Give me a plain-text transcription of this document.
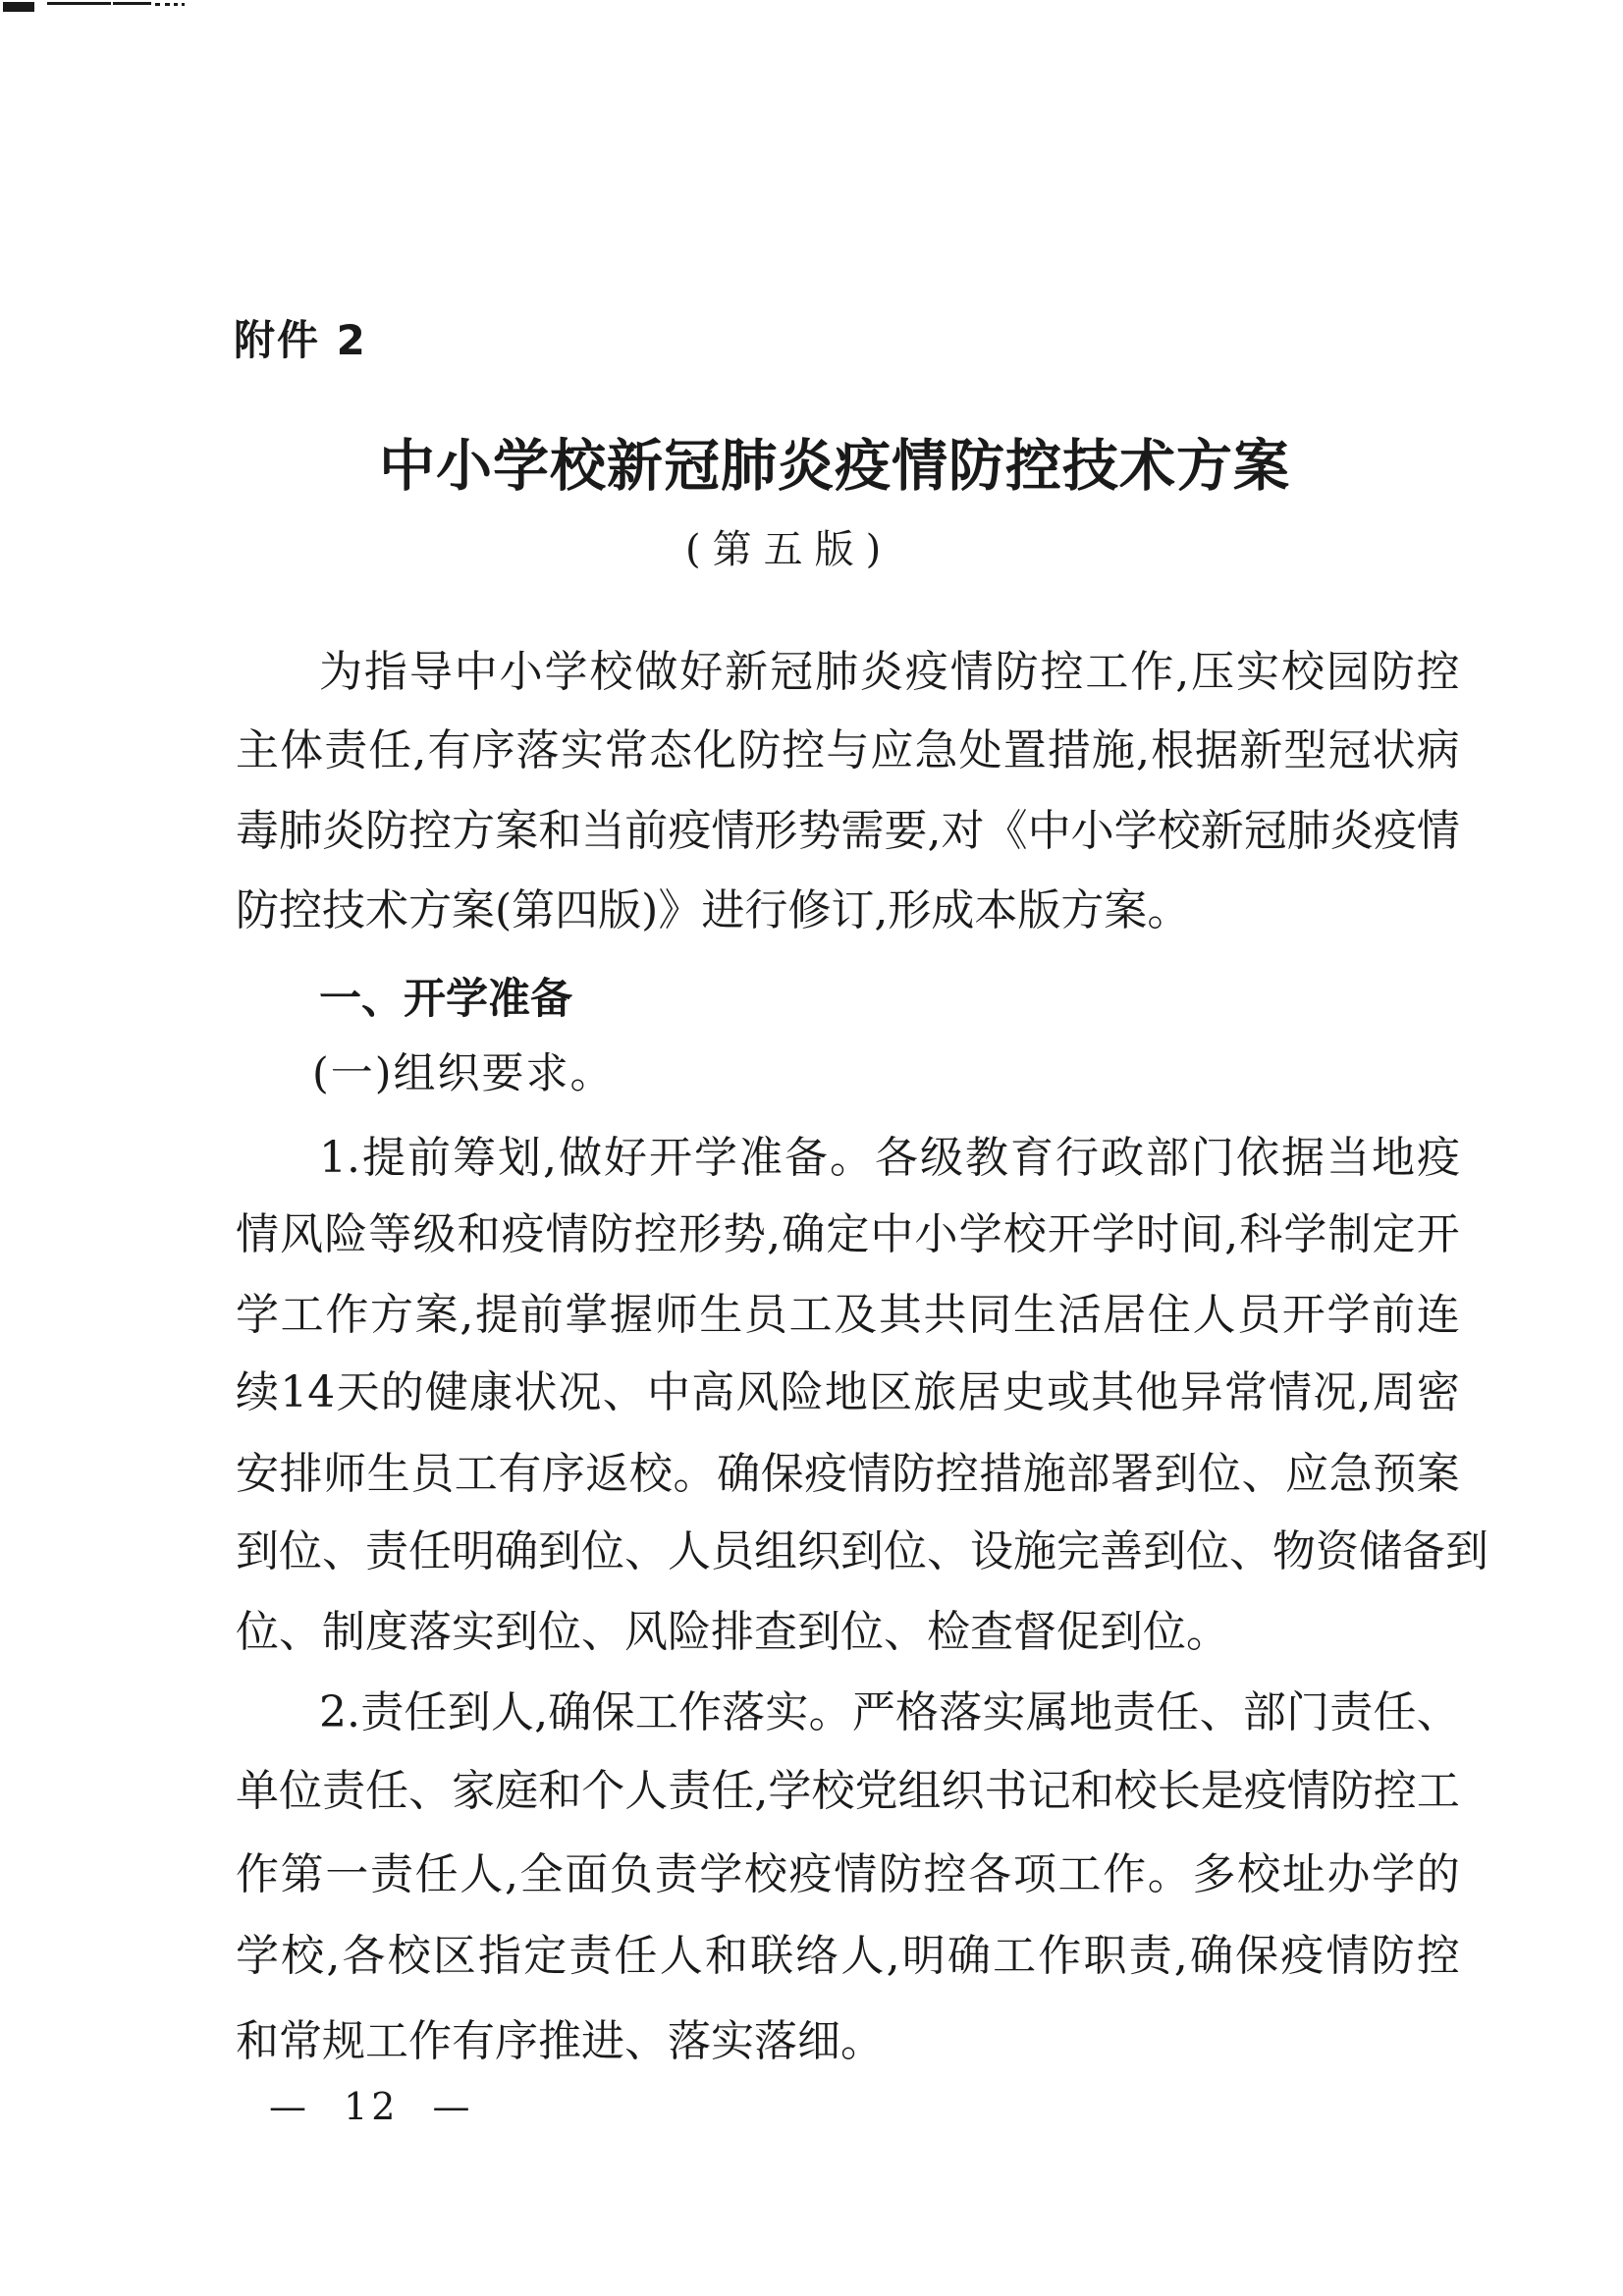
附件 2
中小学校新冠肺炎疫情防控技术方案
(第五版)
为 指 导 中 小 学 校 做 好 新 冠 肺 炎 疫 情 防 控 工 作 , 压 实 校 园 防 控
主 体 责 任 , 有 序 落 实 常 态 化 防 控 与 应 急 处 置 措 施 , 根 据 新 型 冠 状 病
毒 肺 炎 防 控 方 案 和 当 前 疫 情 形 势 需 要 , 对 《 中 小 学 校 新 冠 肺 炎 疫 情
防控技术方案(第四版)》进行修订,形成本版方案。
一、开学准备
(一)组织要求。
1. 提 前 筹 划 , 做 好 开 学 准 备 。 各 级 教 育 行 政 部 门 依 据 当 地 疫
情 风 险 等 级 和 疫 情 防 控 形 势 , 确 定 中 小 学 校 开 学 时 间 , 科 学 制 定 开
学 工 作 方 案 , 提 前 掌 握 师 生 员 工 及 其 共 同 生 活 居 住 人 员 开 学 前 连
续 14 天 的 健 康 状 况 、 中 高 风 险 地 区 旅 居 史 或 其 他 异 常 情 况 , 周 密
安 排 师 生 员 工 有 序 返 校 。 确 保 疫 情 防 控 措 施 部 署 到 位 、 应 急 预 案
到 位 、 责 任 明 确 到 位 、 人 员 组 织 到 位 、 设 施 完 善 到 位 、 物 资 储 备 到
位、制度落实到位、风险排查到位、检查督促到位。
2. 责 任 到 人 , 确 保 工 作 落 实 。 严 格 落 实 属 地 责 任 、 部 门 责 任 、
单 位 责 任 、 家 庭 和 个 人 责 任 , 学 校 党 组 织 书 记 和 校 长 是 疫 情 防 控 工
作 第 一 责 任 人 , 全 面 负 责 学 校 疫 情 防 控 各 项 工 作 。 多 校 址 办 学 的
学 校 , 各 校 区 指 定 责 任 人 和 联 络 人 , 明 确 工 作 职 责 , 确 保 疫 情 防 控
和常规工作有序推进、落实落细。
— 12 —
